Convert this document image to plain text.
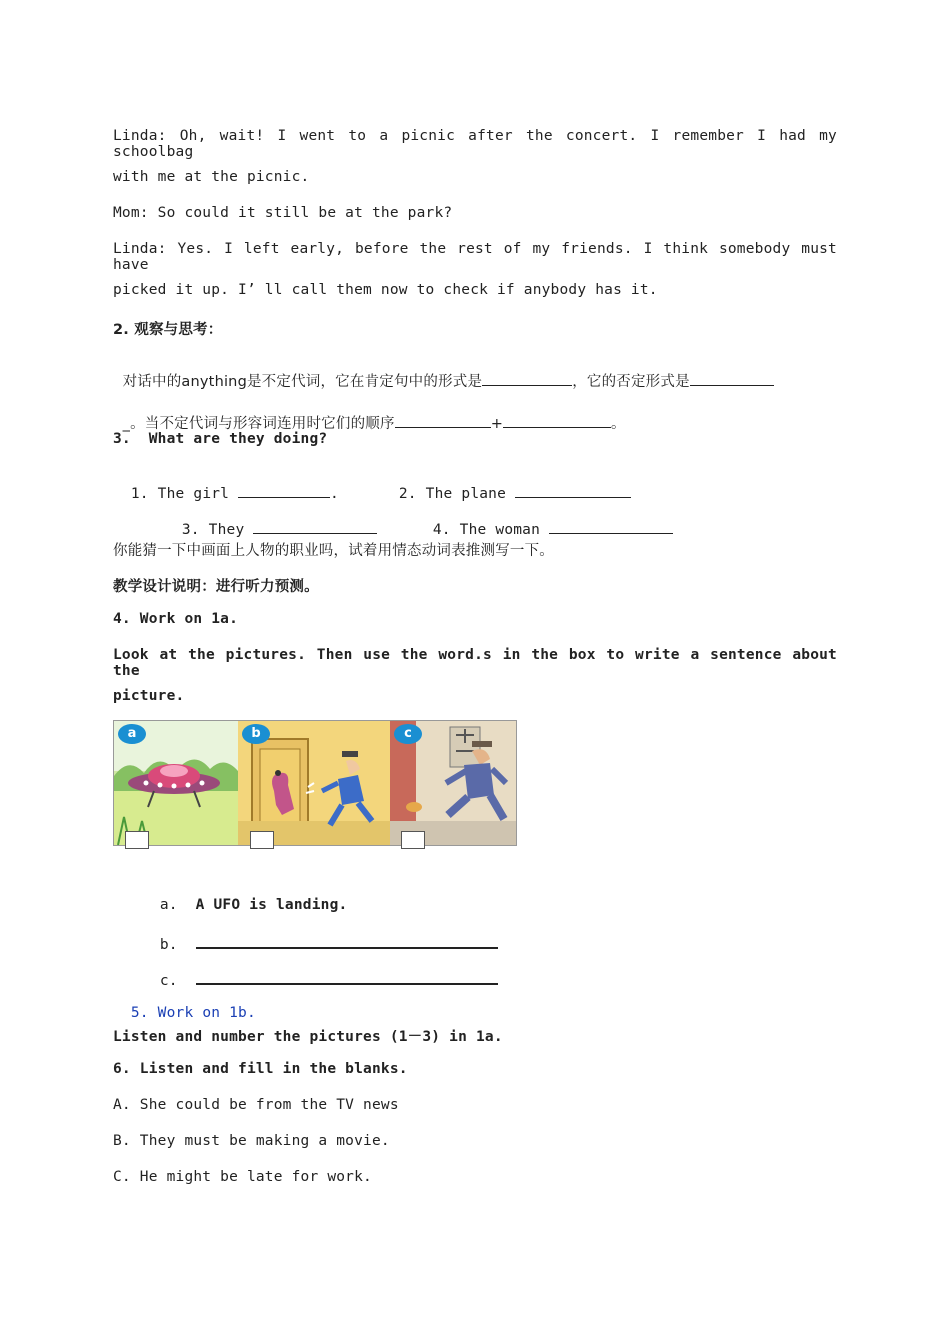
Linda: Oh, wait! I went to a picnic after the concert. I remember I had my schoolbag
with me at the picnic.
Mom: So could it still be at the park?
Linda: Yes. I left early, before the rest of my friends. I think somebody must have
picked it up. I’ ll call them now to check if anybody has it.
2. 观察与思考：

对话中的anything是不定代词，它在肯定句中的形式是	，它的否定形式是

_。当不定代词与形容词连用时它们的顺序	+	。

3.  What are they doing?

1. The girl	.	2. The plane

3. They	4. The woman

你能猜一下中画面上人物的职业吗，试着用情态动词表推测写一下。
教学设计说明：进行听力预测。
4. Work on 1a.
Look at the pictures. Then use the word.s in the box to write a sentence about the
picture.
a	b	c

a. A UFO is landing.

b.

c.

5. Work on 1b.

Listen and number the pictures (1－3) in 1a.
6. Listen and fill in the blanks.
A. She could be from the TV news
B. They must be making a movie.
C. He might be late for work.
